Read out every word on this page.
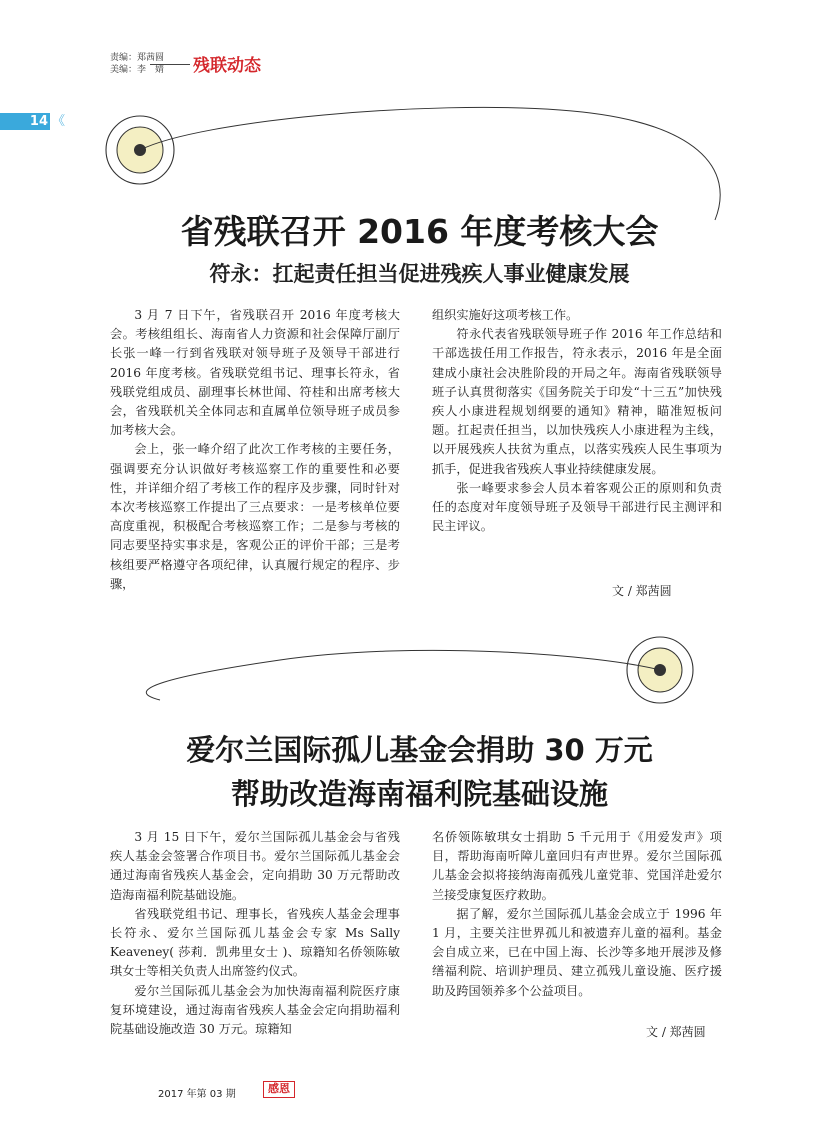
责编：郑茜圆
美编：李　婧 残联动态
14 《
省残联召开 2016 年度考核大会
符永：扛起责任担当促进残疾人事业健康发展

3 月 7 日下午，省残联召开 2016 年度考核大会。考核组组长、海南省人力资源和社会保障厅副厅长张一峰一行到省残联对领导班子及领导干部进行 2016 年度考核。省残联党组书记、理事长符永，省残联党组成员、副理事长林世闻、符桂和出席考核大会，省残联机关全体同志和直属单位领导班子成员参加考核大会。

会上，张一峰介绍了此次工作考核的主要任务，强调要充分认识做好考核巡察工作的重要性和必要性，并详细介绍了考核工作的程序及步骤，同时针对本次考核巡察工作提出了三点要求：一是考核单位要高度重视，积极配合考核巡察工作；二是参与考核的同志要坚持实事求是，客观公正的评价干部；三是考核组要严格遵守各项纪律，认真履行规定的程序、步骤，

组织实施好这项考核工作。

符永代表省残联领导班子作 2016 年工作总结和干部选拔任用工作报告，符永表示，2016 年是全面建成小康社会决胜阶段的开局之年。海南省残联领导班子认真贯彻落实《国务院关于印发“十三五”加快残疾人小康进程规划纲要的通知》精神，瞄准短板问题。扛起责任担当，以加快残疾人小康进程为主线，以开展残疾人扶贫为重点，以落实残疾人民生事项为抓手，促进我省残疾人事业持续健康发展。

张一峰要求参会人员本着客观公正的原则和负责任的态度对年度领导班子及领导干部进行民主测评和民主评议。

文 / 郑茜圆
爱尔兰国际孤儿基金会捐助 30 万元
帮助改造海南福利院基础设施

3 月 15 日下午，爱尔兰国际孤儿基金会与省残疾人基金会签署合作项目书。爱尔兰国际孤儿基金会通过海南省残疾人基金会，定向捐助 30 万元帮助改造海南福利院基础设施。

省残联党组书记、理事长，省残疾人基金会理事长符永、爱尔兰国际孤儿基金会专家 Ms Sally Keaveney( 莎莉．凯弗里女士 )、琼籍知名侨领陈敏琪女士等相关负责人出席签约仪式。

爱尔兰国际孤儿基金会为加快海南福利院医疗康复环境建设，通过海南省残疾人基金会定向捐助福利院基础设施改造 30 万元。琼籍知

名侨领陈敏琪女士捐助 5 千元用于《用爱发声》项目，帮助海南听障儿童回归有声世界。爱尔兰国际孤儿基金会拟将接纳海南孤残儿童党菲、党国洋赴爱尔兰接受康复医疗救助。

据了解，爱尔兰国际孤儿基金会成立于 1996 年 1 月，主要关注世界孤儿和被遗弃儿童的福利。基金会自成立来，已在中国上海、长沙等多地开展涉及修缮福利院、培训护理员、建立孤残儿童设施、医疗援助及跨国领养多个公益项目。

文 / 郑茜圆
2017 年第 03 期	感恩
